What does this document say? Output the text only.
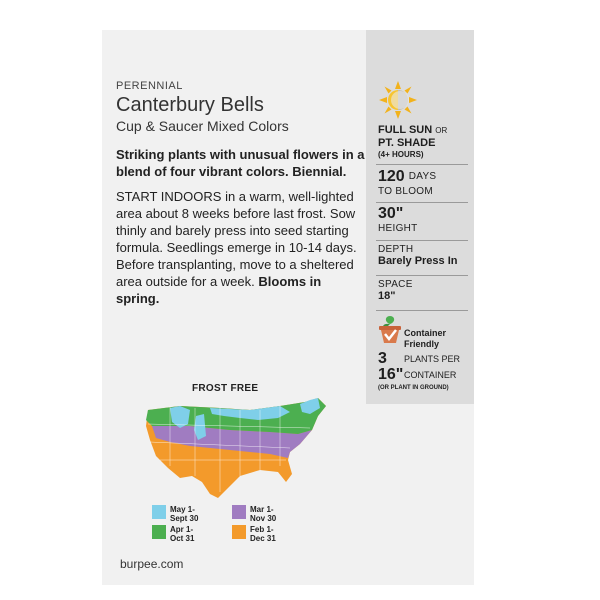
PERENNIAL

Canterbury Bells

Cup & Saucer Mixed Colors

Striking plants with unusual flowers in a blend of four vibrant colors. Biennial.
START INDOORS in a warm, well-lighted area about 8 weeks before last frost. Sow thinly and barely press into seed starting formula. Seedlings emerge in 10-14 days. Before transplanting, move to a sheltered area outside for a week. Blooms in spring.
FULL SUN OR
PT. SHADE
(4+ HOURS)
120 DAYS
TO BLOOM
30"
HEIGHT
DEPTH
Barely Press In
SPACE
18"
Container
Friendly
3	PLANTS PER
16" CONTAINER
(OR PLANT IN GROUND)
FROST FREE
May 1-
Sept 30
Mar 1-
Nov 30
Apr 1-
Oct 31
Feb 1-
Dec 31
burpee.com
